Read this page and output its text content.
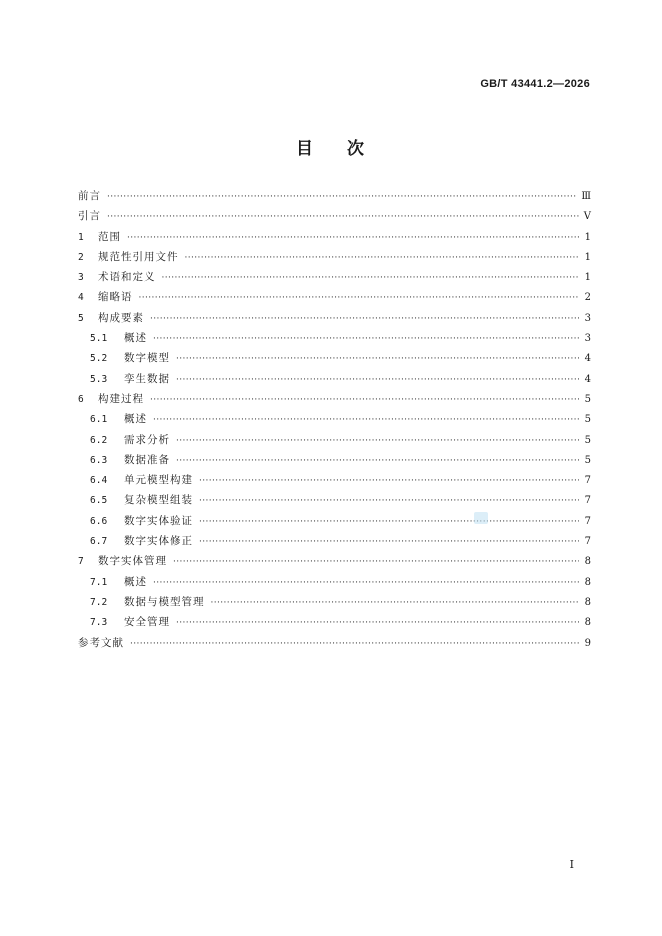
GB/T 43441.2—2026
目 次
前言 ·····	Ⅲ
引言 ·····	Ⅴ
1	范围 ·····	1
2	规范性引用文件 ·····	1
3	术语和定义 ·····	1
4	缩略语 ·····	2
5	构成要素 ·····	3
5.1	概述 ·····	3
5.2	数字模型 ·····	4
5.3	孪生数据 ·····	4
6	构建过程 ·····	5
6.1	概述 ·····	5
6.2	需求分析 ·····	5
6.3	数据准备 ·····	5
6.4	单元模型构建 ·····	7
6.5	复杂模型组装 ·····	7
6.6	数字实体验证 ·····	7
6.7	数字实体修正 ·····	7
7	数字实体管理 ·····	8
7.1	概述 ·····	8
7.2	数据与模型管理 ·····	8
7.3	安全管理 ·····	8
参考文献 ·····	9
Ⅰ
